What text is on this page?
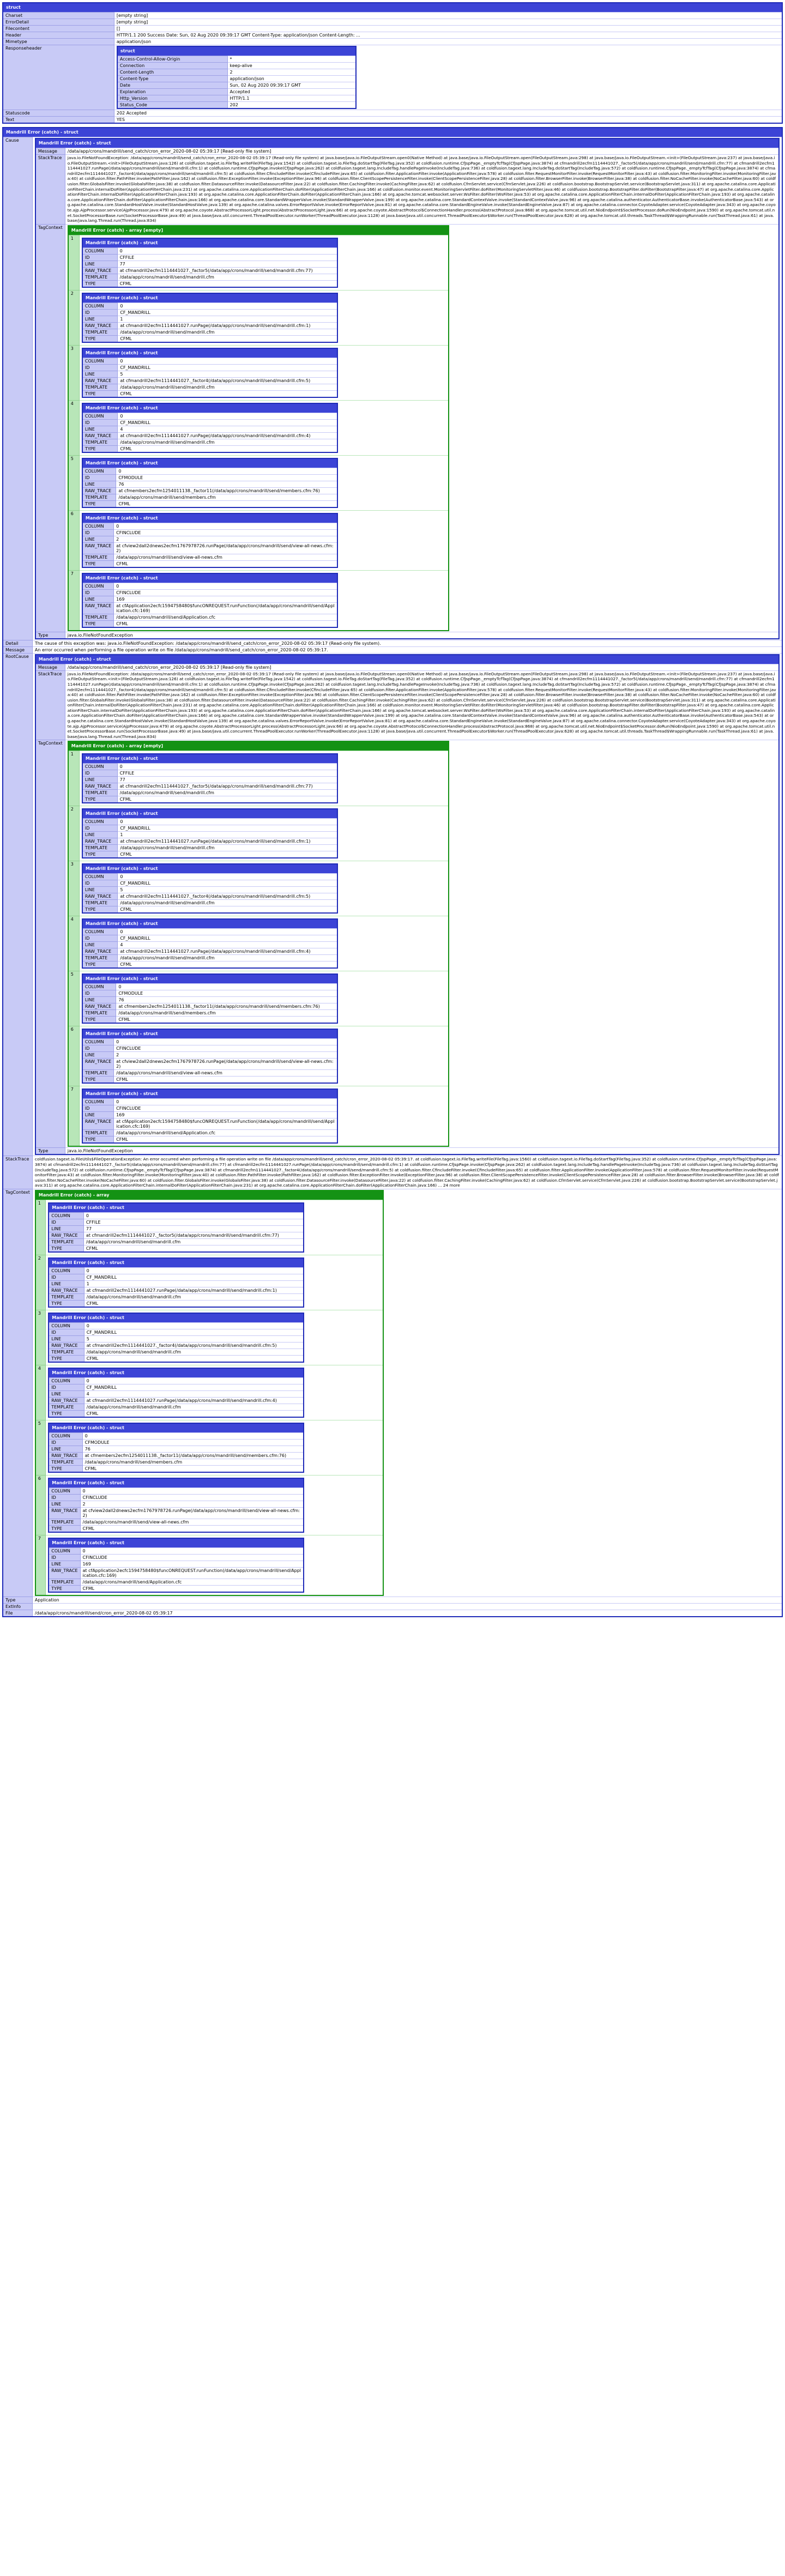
struct
Charset	[empty string]
ErrorDetail	[empty string]
Filecontent	[]
Header	HTTP/1.1 200 Success Date: Sun, 02 Aug 2020 09:39:17 GMT Content-Type: application/json Content-Length: ...
Mimetype	application/json
Responseheader	
struct
Access-Control-Allow-Origin	*
Connection	keep-alive
Content-Length	2
Content-Type	application/json
Date	Sun, 02 Aug 2020 09:39:17 GMT
Explanation	Accepted
Http_Version	HTTP/1.1
Status_Code	202

Statuscode	202 Accepted
Text	YES
Mandrill Error (catch) - struct
Cause	
Mandrill Error (catch) - struct
Message	/data/app/crons/mandrill/send_catch/cron_error_2020-08-02 05:39:17 [Read-only file system]
StackTrace	java.io.FileNotFoundException: /data/app/crons/mandrill/send_catch/cron_error_2020-08-02 05:39:17 (Read-only file system) at java.base/java.io.FileOutputStream.open0(Native Method) at java.base/java.io.FileOutputStream.open(FileOutputStream.java:298) at java.base/java.io.FileOutputStream.<init>(FileOutputStream.java:237) at java.base/java.io.FileOutputStream.<init>(FileOutputStream.java:126) at coldfusion.tagext.io.FileTag.writeFile(FileTag.java:1542) at coldfusion.tagext.io.FileTag.doStartTag(FileTag.java:352) at coldfusion.runtime.CfJspPage._emptyTcfTag(CfJspPage.java:3874) at cfmandrill2ecfm1114441027._factor5(/data/app/crons/mandrill/send/mandrill.cfm:77) at cfmandrill2ecfm1114441027.runPage(/data/app/crons/mandrill/send/mandrill.cfm:1) at coldfusion.runtime.CfJspPage.invoke(CfJspPage.java:262) at coldfusion.tagext.lang.IncludeTag.handlePageInvoke(IncludeTag.java:736) at coldfusion.tagext.lang.IncludeTag.doStartTag(IncludeTag.java:572) at coldfusion.runtime.CfJspPage._emptyTcfTag(CfJspPage.java:3874) at cfmandrill2ecfm1114441027._factor4(/data/app/crons/mandrill/send/mandrill.cfm:5) at coldfusion.filter.CfincludeFilter.invoke(CfincludeFilter.java:65) at coldfusion.filter.ApplicationFilter.invoke(ApplicationFilter.java:578) at coldfusion.filter.RequestMonitorFilter.invoke(RequestMonitorFilter.java:43) at coldfusion.filter.MonitoringFilter.invoke(MonitoringFilter.java:40) at coldfusion.filter.PathFilter.invoke(PathFilter.java:162) at coldfusion.filter.ExceptionFilter.invoke(ExceptionFilter.java:96) at coldfusion.filter.ClientScopePersistenceFilter.invoke(ClientScopePersistenceFilter.java:28) at coldfusion.filter.BrowserFilter.invoke(BrowserFilter.java:38) at coldfusion.filter.NoCacheFilter.invoke(NoCacheFilter.java:60) at coldfusion.filter.GlobalsFilter.invoke(GlobalsFilter.java:38) at coldfusion.filter.DatasourceFilter.invoke(DatasourceFilter.java:22) at coldfusion.filter.CachingFilter.invoke(CachingFilter.java:62) at coldfusion.CfmServlet.service(CfmServlet.java:226) at coldfusion.bootstrap.BootstrapServlet.service(BootstrapServlet.java:311) at org.apache.catalina.core.ApplicationFilterChain.internalDoFilter(ApplicationFilterChain.java:231) at org.apache.catalina.core.ApplicationFilterChain.doFilter(ApplicationFilterChain.java:166) at coldfusion.monitor.event.MonitoringServletFilter.doFilter(MonitoringServletFilter.java:46) at coldfusion.bootstrap.BootstrapFilter.doFilter(BootstrapFilter.java:47) at org.apache.catalina.core.ApplicationFilterChain.internalDoFilter(ApplicationFilterChain.java:193) at org.apache.catalina.core.ApplicationFilterChain.doFilter(ApplicationFilterChain.java:166) at org.apache.tomcat.websocket.server.WsFilter.doFilter(WsFilter.java:53) at org.apache.catalina.core.ApplicationFilterChain.internalDoFilter(ApplicationFilterChain.java:193) at org.apache.catalina.core.ApplicationFilterChain.doFilter(ApplicationFilterChain.java:166) at org.apache.catalina.core.StandardWrapperValve.invoke(StandardWrapperValve.java:199) at org.apache.catalina.core.StandardContextValve.invoke(StandardContextValve.java:96) at org.apache.catalina.authenticator.AuthenticatorBase.invoke(AuthenticatorBase.java:543) at org.apache.catalina.core.StandardHostValve.invoke(StandardHostValve.java:139) at org.apache.catalina.valves.ErrorReportValve.invoke(ErrorReportValve.java:81) at org.apache.catalina.core.StandardEngineValve.invoke(StandardEngineValve.java:87) at org.apache.catalina.connector.CoyoteAdapter.service(CoyoteAdapter.java:343) at org.apache.coyote.ajp.AjpProcessor.service(AjpProcessor.java:479) at org.apache.coyote.AbstractProcessorLight.process(AbstractProcessorLight.java:66) at org.apache.coyote.AbstractProtocol$ConnectionHandler.process(AbstractProtocol.java:868) at org.apache.tomcat.util.net.NioEndpoint$SocketProcessor.doRun(NioEndpoint.java:1590) at org.apache.tomcat.util.net.SocketProcessorBase.run(SocketProcessorBase.java:49) at java.base/java.util.concurrent.ThreadPoolExecutor.runWorker(ThreadPoolExecutor.java:1128) at java.base/java.util.concurrent.ThreadPoolExecutor$Worker.run(ThreadPoolExecutor.java:628) at org.apache.tomcat.util.threads.TaskThread$WrappingRunnable.run(TaskThread.java:61) at java.base/java.lang.Thread.run(Thread.java:834)
TagContext	
Mandrill Error (catch) - array [empty]
1	
Mandrill Error (catch) - struct
COLUMN	0
ID	CFFILE
LINE	77
RAW_TRACE	at cfmandrill2ecfm1114441027._factor5(/data/app/crons/mandrill/send/mandrill.cfm:77)
TEMPLATE	/data/app/crons/mandrill/send/mandrill.cfm
TYPE	CFML

2	
Mandrill Error (catch) - struct
COLUMN	0
ID	CF_MANDRILL
LINE	1
RAW_TRACE	at cfmandrill2ecfm1114441027.runPage(/data/app/crons/mandrill/send/mandrill.cfm:1)
TEMPLATE	/data/app/crons/mandrill/send/mandrill.cfm
TYPE	CFML

3	
Mandrill Error (catch) - struct
COLUMN	0
ID	CF_MANDRILL
LINE	5
RAW_TRACE	at cfmandrill2ecfm1114441027._factor4(/data/app/crons/mandrill/send/mandrill.cfm:5)
TEMPLATE	/data/app/crons/mandrill/send/mandrill.cfm
TYPE	CFML

4	
Mandrill Error (catch) - struct
COLUMN	0
ID	CF_MANDRILL
LINE	4
RAW_TRACE	at cfmandrill2ecfm1114441027.runPage(/data/app/crons/mandrill/send/mandrill.cfm:4)
TEMPLATE	/data/app/crons/mandrill/send/mandrill.cfm
TYPE	CFML

5	
Mandrill Error (catch) - struct
COLUMN	0
ID	CFMODULE
LINE	76
RAW_TRACE	at cfmembers2ecfm1254011138._factor11(/data/app/crons/mandrill/send/members.cfm:76)
TEMPLATE	/data/app/crons/mandrill/send/members.cfm
TYPE	CFML

6	
Mandrill Error (catch) - struct
COLUMN	0
ID	CFINCLUDE
LINE	2
RAW_TRACE	at cfview2dall2dnews2ecfm1767978726.runPage(/data/app/crons/mandrill/send/view-all-news.cfm:2)
TEMPLATE	/data/app/crons/mandrill/send/view-all-news.cfm
TYPE	CFML

7	
Mandrill Error (catch) - struct
COLUMN	0
ID	CFINCLUDE
LINE	169
RAW_TRACE	at cfApplication2ecfc1594758480$funcONREQUEST.runFunction(/data/app/crons/mandrill/send/Application.cfc:169)
TEMPLATE	/data/app/crons/mandrill/send/Application.cfc
TYPE	CFML

Type	java.io.FileNotFoundException

Detail	The cause of this exception was: java.io.FileNotFoundException: /data/app/crons/mandrill/send_catch/cron_error_2020-08-02 05:39:17 (Read-only file system).
Message	An error occurred when performing a file operation write on file /data/app/crons/mandrill/send_catch/cron_error_2020-08-02 05:39:17.
RootCause	
Mandrill Error (catch) - struct
Message	/data/app/crons/mandrill/send_catch/cron_error_2020-08-02 05:39:17 [Read-only file system]
StackTrace	java.io.FileNotFoundException: /data/app/crons/mandrill/send_catch/cron_error_2020-08-02 05:39:17 (Read-only file system) at java.base/java.io.FileOutputStream.open0(Native Method) at java.base/java.io.FileOutputStream.open(FileOutputStream.java:298) at java.base/java.io.FileOutputStream.<init>(FileOutputStream.java:237) at java.base/java.io.FileOutputStream.<init>(FileOutputStream.java:126) at coldfusion.tagext.io.FileTag.writeFile(FileTag.java:1542) at coldfusion.tagext.io.FileTag.doStartTag(FileTag.java:352) at coldfusion.runtime.CfJspPage._emptyTcfTag(CfJspPage.java:3874) at cfmandrill2ecfm1114441027._factor5(/data/app/crons/mandrill/send/mandrill.cfm:77) at cfmandrill2ecfm1114441027.runPage(/data/app/crons/mandrill/send/mandrill.cfm:1) at coldfusion.runtime.CfJspPage.invoke(CfJspPage.java:262) at coldfusion.tagext.lang.IncludeTag.handlePageInvoke(IncludeTag.java:736) at coldfusion.tagext.lang.IncludeTag.doStartTag(IncludeTag.java:572) at coldfusion.runtime.CfJspPage._emptyTcfTag(CfJspPage.java:3874) at cfmandrill2ecfm1114441027._factor4(/data/app/crons/mandrill/send/mandrill.cfm:5) at coldfusion.filter.CfincludeFilter.invoke(CfincludeFilter.java:65) at coldfusion.filter.ApplicationFilter.invoke(ApplicationFilter.java:578) at coldfusion.filter.RequestMonitorFilter.invoke(RequestMonitorFilter.java:43) at coldfusion.filter.MonitoringFilter.invoke(MonitoringFilter.java:40) at coldfusion.filter.PathFilter.invoke(PathFilter.java:162) at coldfusion.filter.ExceptionFilter.invoke(ExceptionFilter.java:96) at coldfusion.filter.ClientScopePersistenceFilter.invoke(ClientScopePersistenceFilter.java:28) at coldfusion.filter.BrowserFilter.invoke(BrowserFilter.java:38) at coldfusion.filter.NoCacheFilter.invoke(NoCacheFilter.java:60) at coldfusion.filter.GlobalsFilter.invoke(GlobalsFilter.java:38) at coldfusion.filter.DatasourceFilter.invoke(DatasourceFilter.java:22) at coldfusion.filter.CachingFilter.invoke(CachingFilter.java:62) at coldfusion.CfmServlet.service(CfmServlet.java:226) at coldfusion.bootstrap.BootstrapServlet.service(BootstrapServlet.java:311) at org.apache.catalina.core.ApplicationFilterChain.internalDoFilter(ApplicationFilterChain.java:231) at org.apache.catalina.core.ApplicationFilterChain.doFilter(ApplicationFilterChain.java:166) at coldfusion.monitor.event.MonitoringServletFilter.doFilter(MonitoringServletFilter.java:46) at coldfusion.bootstrap.BootstrapFilter.doFilter(BootstrapFilter.java:47) at org.apache.catalina.core.ApplicationFilterChain.internalDoFilter(ApplicationFilterChain.java:193) at org.apache.catalina.core.ApplicationFilterChain.doFilter(ApplicationFilterChain.java:166) at org.apache.tomcat.websocket.server.WsFilter.doFilter(WsFilter.java:53) at org.apache.catalina.core.ApplicationFilterChain.internalDoFilter(ApplicationFilterChain.java:193) at org.apache.catalina.core.ApplicationFilterChain.doFilter(ApplicationFilterChain.java:166) at org.apache.catalina.core.StandardWrapperValve.invoke(StandardWrapperValve.java:199) at org.apache.catalina.core.StandardContextValve.invoke(StandardContextValve.java:96) at org.apache.catalina.authenticator.AuthenticatorBase.invoke(AuthenticatorBase.java:543) at org.apache.catalina.core.StandardHostValve.invoke(StandardHostValve.java:139) at org.apache.catalina.valves.ErrorReportValve.invoke(ErrorReportValve.java:81) at org.apache.catalina.core.StandardEngineValve.invoke(StandardEngineValve.java:87) at org.apache.catalina.connector.CoyoteAdapter.service(CoyoteAdapter.java:343) at org.apache.coyote.ajp.AjpProcessor.service(AjpProcessor.java:479) at org.apache.coyote.AbstractProcessorLight.process(AbstractProcessorLight.java:66) at org.apache.coyote.AbstractProtocol$ConnectionHandler.process(AbstractProtocol.java:868) at org.apache.tomcat.util.net.NioEndpoint$SocketProcessor.doRun(NioEndpoint.java:1590) at org.apache.tomcat.util.net.SocketProcessorBase.run(SocketProcessorBase.java:49) at java.base/java.util.concurrent.ThreadPoolExecutor.runWorker(ThreadPoolExecutor.java:1128) at java.base/java.util.concurrent.ThreadPoolExecutor$Worker.run(ThreadPoolExecutor.java:628) at org.apache.tomcat.util.threads.TaskThread$WrappingRunnable.run(TaskThread.java:61) at java.base/java.lang.Thread.run(Thread.java:834)
TagContext	
Mandrill Error (catch) - array [empty]
1	
Mandrill Error (catch) - struct
COLUMN	0
ID	CFFILE
LINE	77
RAW_TRACE	at cfmandrill2ecfm1114441027._factor5(/data/app/crons/mandrill/send/mandrill.cfm:77)
TEMPLATE	/data/app/crons/mandrill/send/mandrill.cfm
TYPE	CFML

2	
Mandrill Error (catch) - struct
COLUMN	0
ID	CF_MANDRILL
LINE	1
RAW_TRACE	at cfmandrill2ecfm1114441027.runPage(/data/app/crons/mandrill/send/mandrill.cfm:1)
TEMPLATE	/data/app/crons/mandrill/send/mandrill.cfm
TYPE	CFML

3	
Mandrill Error (catch) - struct
COLUMN	0
ID	CF_MANDRILL
LINE	5
RAW_TRACE	at cfmandrill2ecfm1114441027._factor4(/data/app/crons/mandrill/send/mandrill.cfm:5)
TEMPLATE	/data/app/crons/mandrill/send/mandrill.cfm
TYPE	CFML

4	
Mandrill Error (catch) - struct
COLUMN	0
ID	CF_MANDRILL
LINE	4
RAW_TRACE	at cfmandrill2ecfm1114441027.runPage(/data/app/crons/mandrill/send/mandrill.cfm:4)
TEMPLATE	/data/app/crons/mandrill/send/mandrill.cfm
TYPE	CFML

5	
Mandrill Error (catch) - struct
COLUMN	0
ID	CFMODULE
LINE	76
RAW_TRACE	at cfmembers2ecfm1254011138._factor11(/data/app/crons/mandrill/send/members.cfm:76)
TEMPLATE	/data/app/crons/mandrill/send/members.cfm
TYPE	CFML

6	
Mandrill Error (catch) - struct
COLUMN	0
ID	CFINCLUDE
LINE	2
RAW_TRACE	at cfview2dall2dnews2ecfm1767978726.runPage(/data/app/crons/mandrill/send/view-all-news.cfm:2)
TEMPLATE	/data/app/crons/mandrill/send/view-all-news.cfm
TYPE	CFML

7	
Mandrill Error (catch) - struct
COLUMN	0
ID	CFINCLUDE
LINE	169
RAW_TRACE	at cfApplication2ecfc1594758480$funcONREQUEST.runFunction(/data/app/crons/mandrill/send/Application.cfc:169)
TEMPLATE	/data/app/crons/mandrill/send/Application.cfc
TYPE	CFML

Type	java.io.FileNotFoundException

StackTrace	coldfusion.tagext.io.FileUtils$FileOperationException: An error occurred when performing a file operation write on file /data/app/crons/mandrill/send_catch/cron_error_2020-08-02 05:39:17. at coldfusion.tagext.io.FileTag.writeFile(FileTag.java:1560) at coldfusion.tagext.io.FileTag.doStartTag(FileTag.java:352) at coldfusion.runtime.CfJspPage._emptyTcfTag(CfJspPage.java:3874) at cfmandrill2ecfm1114441027._factor5(/data/app/crons/mandrill/send/mandrill.cfm:77) at cfmandrill2ecfm1114441027.runPage(/data/app/crons/mandrill/send/mandrill.cfm:1) at coldfusion.runtime.CfJspPage.invoke(CfJspPage.java:262) at coldfusion.tagext.lang.IncludeTag.handlePageInvoke(IncludeTag.java:736) at coldfusion.tagext.lang.IncludeTag.doStartTag(IncludeTag.java:572) at coldfusion.runtime.CfJspPage._emptyTcfTag(CfJspPage.java:3874) at cfmandrill2ecfm1114441027._factor4(/data/app/crons/mandrill/send/mandrill.cfm:5) at coldfusion.filter.CfincludeFilter.invoke(CfincludeFilter.java:65) at coldfusion.filter.ApplicationFilter.invoke(ApplicationFilter.java:578) at coldfusion.filter.RequestMonitorFilter.invoke(RequestMonitorFilter.java:43) at coldfusion.filter.MonitoringFilter.invoke(MonitoringFilter.java:40) at coldfusion.filter.PathFilter.invoke(PathFilter.java:162) at coldfusion.filter.ExceptionFilter.invoke(ExceptionFilter.java:96) at coldfusion.filter.ClientScopePersistenceFilter.invoke(ClientScopePersistenceFilter.java:28) at coldfusion.filter.BrowserFilter.invoke(BrowserFilter.java:38) at coldfusion.filter.NoCacheFilter.invoke(NoCacheFilter.java:60) at coldfusion.filter.GlobalsFilter.invoke(GlobalsFilter.java:38) at coldfusion.filter.DatasourceFilter.invoke(DatasourceFilter.java:22) at coldfusion.filter.CachingFilter.invoke(CachingFilter.java:62) at coldfusion.CfmServlet.service(CfmServlet.java:226) at coldfusion.bootstrap.BootstrapServlet.service(BootstrapServlet.java:311) at org.apache.catalina.core.ApplicationFilterChain.internalDoFilter(ApplicationFilterChain.java:231) at org.apache.catalina.core.ApplicationFilterChain.doFilter(ApplicationFilterChain.java:166) ... 24 more
TagContext	
Mandrill Error (catch) - array
1	
Mandrill Error (catch) - struct
COLUMN	0
ID	CFFILE
LINE	77
RAW_TRACE	at cfmandrill2ecfm1114441027._factor5(/data/app/crons/mandrill/send/mandrill.cfm:77)
TEMPLATE	/data/app/crons/mandrill/send/mandrill.cfm
TYPE	CFML

2	
Mandrill Error (catch) - struct
COLUMN	0
ID	CF_MANDRILL
LINE	1
RAW_TRACE	at cfmandrill2ecfm1114441027.runPage(/data/app/crons/mandrill/send/mandrill.cfm:1)
TEMPLATE	/data/app/crons/mandrill/send/mandrill.cfm
TYPE	CFML

3	
Mandrill Error (catch) - struct
COLUMN	0
ID	CF_MANDRILL
LINE	5
RAW_TRACE	at cfmandrill2ecfm1114441027._factor4(/data/app/crons/mandrill/send/mandrill.cfm:5)
TEMPLATE	/data/app/crons/mandrill/send/mandrill.cfm
TYPE	CFML

4	
Mandrill Error (catch) - struct
COLUMN	0
ID	CF_MANDRILL
LINE	4
RAW_TRACE	at cfmandrill2ecfm1114441027.runPage(/data/app/crons/mandrill/send/mandrill.cfm:4)
TEMPLATE	/data/app/crons/mandrill/send/mandrill.cfm
TYPE	CFML

5	
Mandrill Error (catch) - struct
COLUMN	0
ID	CFMODULE
LINE	76
RAW_TRACE	at cfmembers2ecfm1254011138._factor11(/data/app/crons/mandrill/send/members.cfm:76)
TEMPLATE	/data/app/crons/mandrill/send/members.cfm
TYPE	CFML

6	
Mandrill Error (catch) - struct
COLUMN	0
ID	CFINCLUDE
LINE	2
RAW_TRACE	at cfview2dall2dnews2ecfm1767978726.runPage(/data/app/crons/mandrill/send/view-all-news.cfm:2)
TEMPLATE	/data/app/crons/mandrill/send/view-all-news.cfm
TYPE	CFML

7	
Mandrill Error (catch) - struct
COLUMN	0
ID	CFINCLUDE
LINE	169
RAW_TRACE	at cfApplication2ecfc1594758480$funcONREQUEST.runFunction(/data/app/crons/mandrill/send/Application.cfc:169)
TEMPLATE	/data/app/crons/mandrill/send/Application.cfc
TYPE	CFML

Type	Application
ExtInfo	
File	/data/app/crons/mandrill/send/cron_error_2020-08-02 05:39:17
